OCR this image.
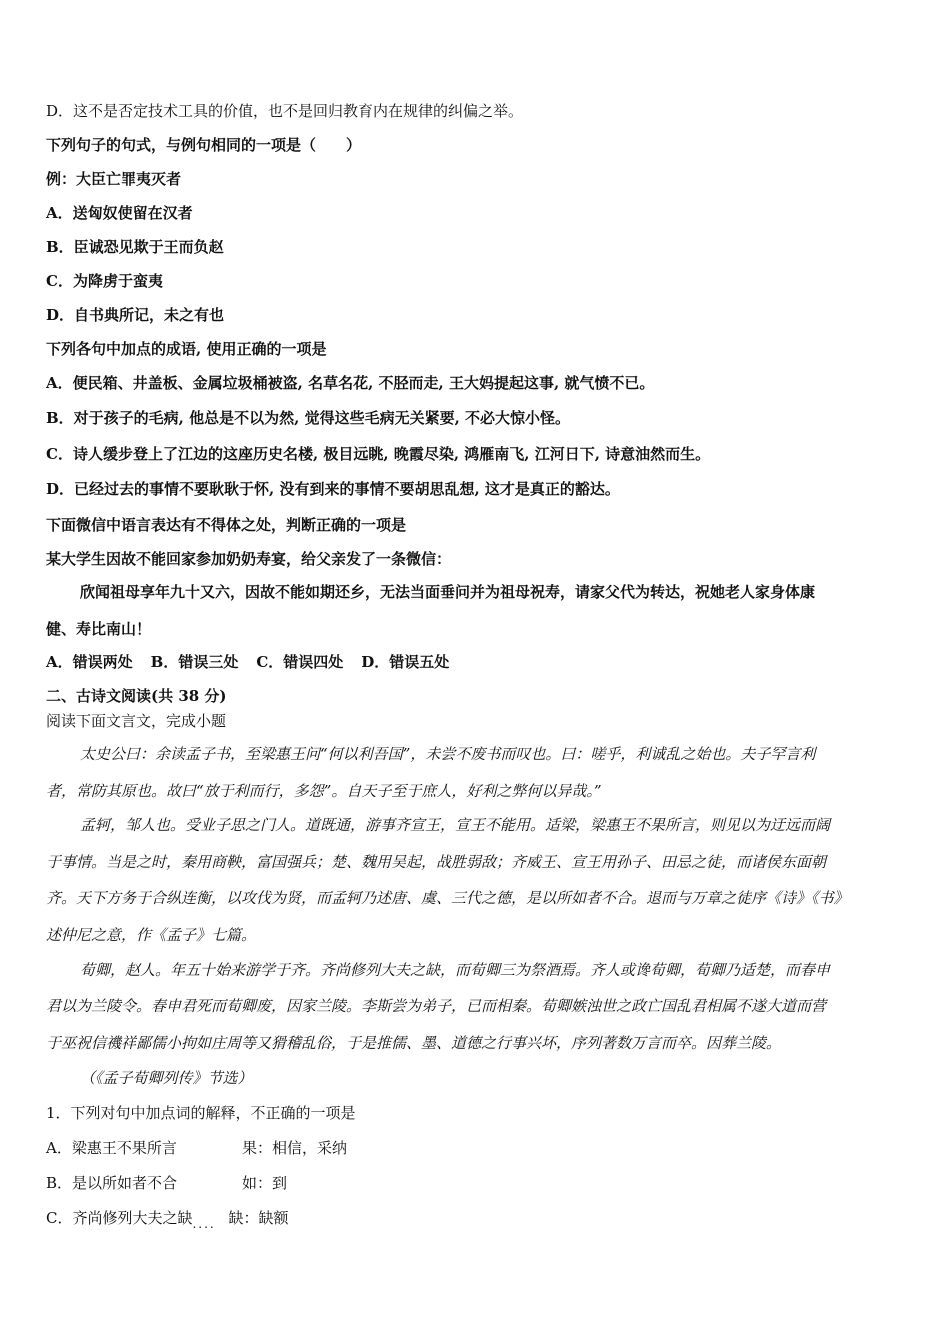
D．这不是否定技术工具的价值，也不是回归教育内在规律的纠偏之举。
下列句子的句式，与例句相同的一项是（　　）
例：大臣亡罪夷灭者
A．送匈奴使留在汉者
B．臣诚恐见欺于王而负赵
C．为降虏于蛮夷
D．自书典所记，未之有也
下列各句中加点的成语, 使用正确的一项是
A．便民箱、井盖板、金属垃圾桶被盗, 名草名花, 不胫而走, 王大妈提起这事, 就气愤不已。
B．对于孩子的毛病, 他总是不以为然, 觉得这些毛病无关紧要, 不必大惊小怪。
C．诗人缓步登上了江边的这座历史名楼, 极目远眺, 晚霞尽染, 鸿雁南飞, 江河日下, 诗意油然而生。
D．已经过去的事情不要耿耿于怀, 没有到来的事情不要胡思乱想, 这才是真正的豁达。
下面微信中语言表达有不得体之处，判断正确的一项是
某大学生因故不能回家参加奶奶寿宴，给父亲发了一条微信：
欣闻祖母享年九十又六，因故不能如期还乡，无法当面垂问并为祖母祝寿，请家父代为转达，祝她老人家身体康
健、寿比南山！
A．错误两处 B．错误三处 C．错误四处 D．错误五处
二、古诗文阅读(共 38 分)
阅读下面文言文，完成小题
太史公曰：余读孟子书，至梁惠王问“何以利吾国”，未尝不废书而叹也。曰：嗟乎，利诚乱之始也。夫子罕言利
者，常防其原也。故曰“放于利而行，多怨”。自天子至于庶人，好利之弊何以异哉。”
孟轲，邹人也。受业子思之门人。道既通，游事齐宣王，宣王不能用。适梁，梁惠王不果所言，则见以为迂远而阔
于事情。当是之时，秦用商鞅，富国强兵；楚、魏用吴起，战胜弱敌；齐威王、宣王用孙子、田忌之徒，而诸侯东面朝
齐。天下方务于合纵连衡，以攻伐为贤，而孟轲乃述唐、虞、三代之德，是以所如者不合。退而与万章之徒序《诗》《书》
述仲尼之意，作《孟子》七篇。
荀卿，赵人。年五十始来游学于齐。齐尚修列大夫之缺，而荀卿三为祭酒焉。齐人或谗荀卿，荀卿乃适楚，而春申
君以为兰陵令。春申君死而荀卿废，因家兰陵。李斯尝为弟子，已而相秦。荀卿嫉浊世之政亡国乱君相属不遂大道而营
于巫祝信禨祥鄙儒小拘如庄周等又猾稽乱俗，于是推儒、墨、道德之行事兴坏，序列著数万言而卒。因葬兰陵。
（《孟子荀卿列传》节选）
1．下列对句中加点词的解释，不正确的一项是
A．梁惠王不果所言	果：相信，采纳
B．是以所如者不合	如：到
C．齐尚修列大夫之缺.... 缺：缺额
